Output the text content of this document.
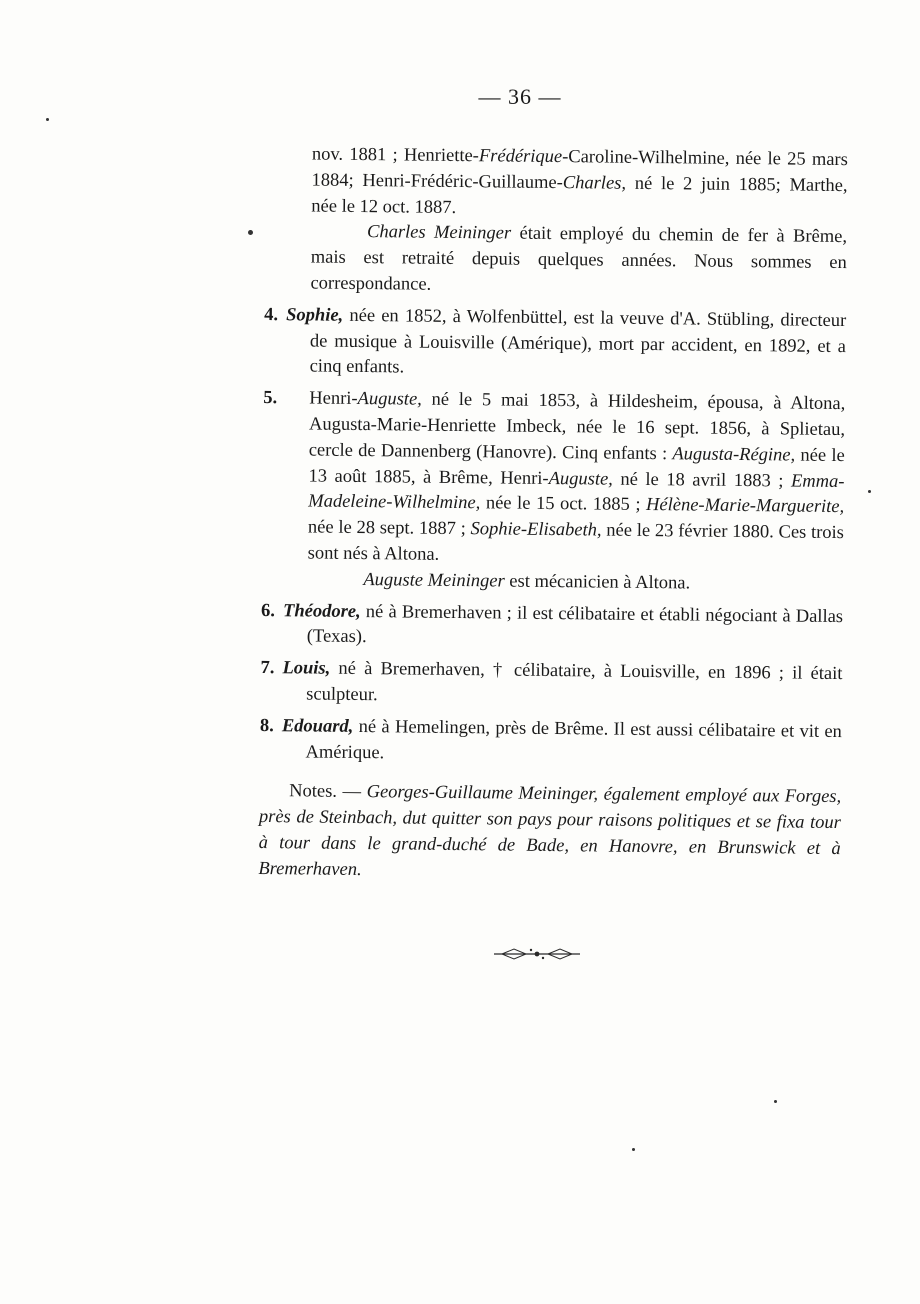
— 36 —

nov. 1881 ; Henriette-Frédérique-Caroline-Wilhelmine, née le 25 mars 1884; Henri-Frédéric-Guillaume-Charles, né le 2 juin 1885; Marthe, née le 12 oct. 1887.

Charles Meininger était employé du chemin de fer à Brême, mais est retraité depuis quelques années. Nous sommes en correspondance.

4. Sophie, née en 1852, à Wolfenbüttel, est la veuve d'A. Stübling, directeur de musique à Louisville (Amérique), mort par accident, en 1892, et a cinq enfants.

5.	Henri-Auguste, né le 5 mai 1853, à Hildesheim, épousa, à Altona, Augusta-Marie-Henriette Imbeck, née le 16 sept. 1856, à Splietau, cercle de Dannenberg (Hanovre). Cinq enfants : Augusta-Régine, née le 13 août 1885, à Brême, Henri-Auguste, né le 18 avril 1883 ; Emma-Madeleine-Wilhelmine, née le 15 oct. 1885 ; Hélène-Marie-Marguerite, née le 28 sept. 1887 ; Sophie-Elisabeth, née le 23 février 1880. Ces trois sont nés à Altona.

Auguste Meininger est mécanicien à Altona.

6. Théodore, né à Bremerhaven ; il est célibataire et établi négociant à Dallas (Texas).

7. Louis, né à Bremerhaven, † célibataire, à Louisville, en 1896 ; il était sculpteur.

8. Edouard, né à Hemelingen, près de Brême. Il est aussi célibataire et vit en Amérique.

Notes. — Georges-Guillaume Meininger, également employé aux Forges, près de Steinbach, dut quitter son pays pour raisons politiques et se fixa tour à tour dans le grand-duché de Bade, en Hanovre, en Brunswick et à Bremerhaven.
